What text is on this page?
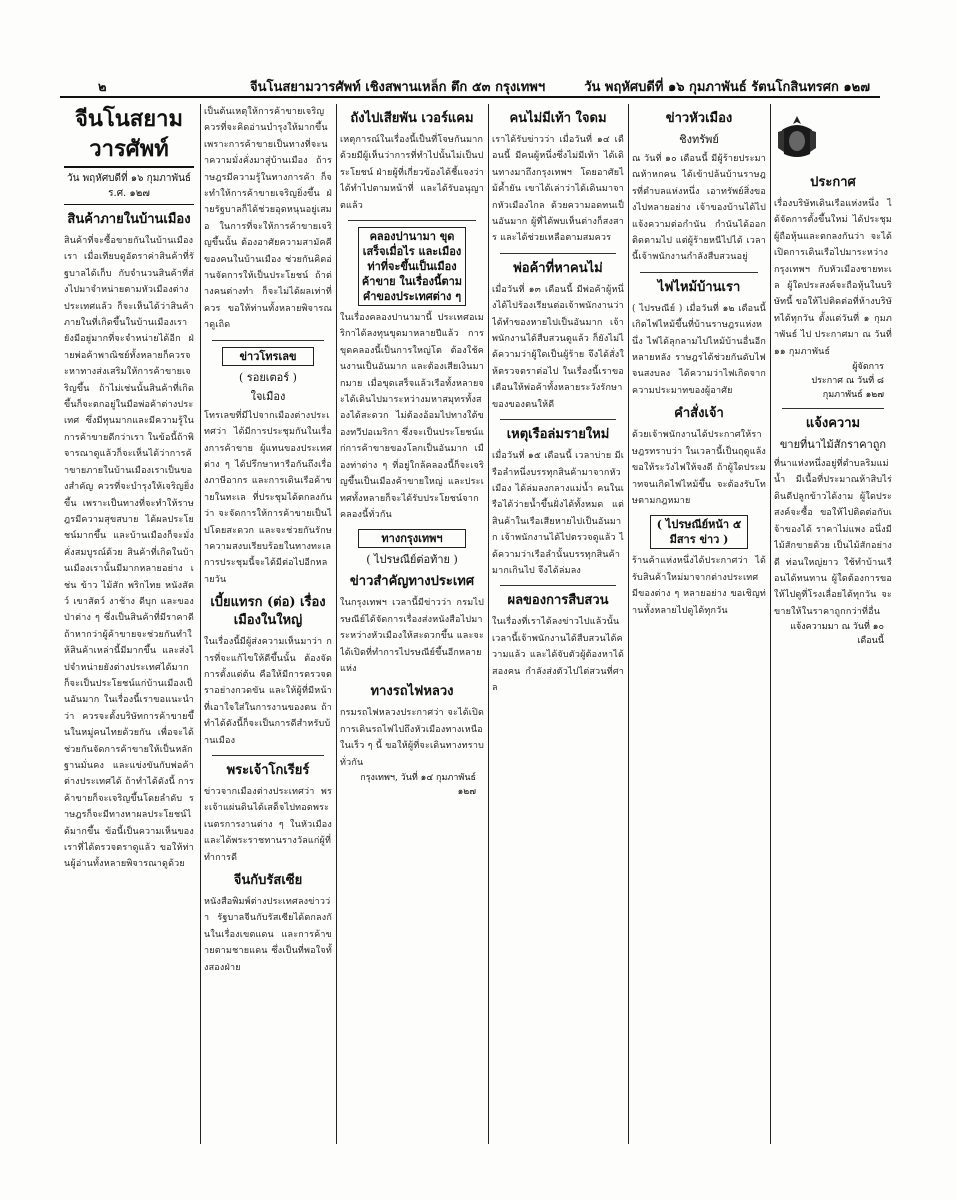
๒	จีนโนสยามวารศัพท์ เชิงสพานเหล็ก ตึก ๕๓ กรุงเทพฯ	วัน พฤหัศบดีที่ ๑๖ กุมภาพันธ์ รัตนโกสินทรศก ๑๒๗
จีนโนสยามวารศัพท์
วัน พฤหัศบดีที่ ๑๖ กุมภาพันธ์ ร.ศ. ๑๒๗
สินค้าภายในบ้านเมือง
สินค้าที่จะซื้อขายกันในบ้านเมืองเรา เมื่อเทียบดูอัตราค่าสินค้าที่รัฐบาลได้เก็บ กับจำนวนสินค้าที่ส่งไปมาจำหน่ายตามหัวเมืองต่างประเทศแล้ว ก็จะเห็นได้ว่าสินค้าภายในที่เกิดขึ้นในบ้านเมืองเรา ยังมีอยู่มากที่จะจำหน่ายได้อีก ฝ่ายพ่อค้าพาณิชย์ทั้งหลายก็ควรจะหาทางส่งเสริมให้การค้าขายเจริญขึ้น ถ้าไม่เช่นนั้นสินค้าที่เกิดขึ้นก็จะตกอยู่ในมือพ่อค้าต่างประเทศ ซึ่งมีทุนมากและมีความรู้ในการค้าขายดีกว่าเรา ในข้อนี้ถ้าพิจารณาดูแล้วก็จะเห็นได้ว่าการค้าขายภายในบ้านเมืองเราเป็นของสำคัญ ควรที่จะบำรุงให้เจริญยิ่งขึ้น เพราะเป็นทางที่จะทำให้ราษฎรมีความสุขสบาย ได้ผลประโยชน์มากขึ้น และบ้านเมืองก็จะมั่งคั่งสมบูรณ์ด้วย สินค้าที่เกิดในบ้านเมืองเรานั้นมีมากหลายอย่าง เช่น ข้าว ไม้สัก พริกไทย หนังสัตว์ เขาสัตว์ งาช้าง ดีบุก และของป่าต่าง ๆ ซึ่งเป็นสินค้าที่มีราคาดี ถ้าหากว่าผู้ค้าขายจะช่วยกันทำให้สินค้าเหล่านี้มีมากขึ้น และส่งไปจำหน่ายยังต่างประเทศได้มาก ก็จะเป็นประโยชน์แก่บ้านเมืองเป็นอันมาก ในเรื่องนี้เราขอแนะนำว่า ควรจะตั้งบริษัทการค้าขายขึ้นในหมู่คนไทยด้วยกัน เพื่อจะได้ช่วยกันจัดการค้าขายให้เป็นหลักฐานมั่นคง และแข่งขันกับพ่อค้าต่างประเทศได้ ถ้าทำได้ดังนี้ การค้าขายก็จะเจริญขึ้นโดยลำดับ ราษฎรก็จะมีทางหาผลประโยชน์ได้มากขึ้น ข้อนี้เป็นความเห็นของเราที่ได้ตรวจตราดูแล้ว ขอให้ท่านผู้อ่านทั้งหลายพิจารณาดูด้วย
เป็นต้นเหตุให้การค้าขายเจริญ ควรที่จะคิดอ่านบำรุงให้มากขึ้น เพราะการค้าขายเป็นทางที่จะนำความมั่งคั่งมาสู่บ้านเมือง ถ้าราษฎรมีความรู้ในทางการค้า ก็จะทำให้การค้าขายเจริญยิ่งขึ้น ฝ่ายรัฐบาลก็ได้ช่วยอุดหนุนอยู่เสมอ ในการที่จะให้การค้าขายเจริญขึ้นนั้น ต้องอาศัยความสามัคคีของคนในบ้านเมือง ช่วยกันคิดอ่านจัดการให้เป็นประโยชน์ ถ้าต่างคนต่างทำ ก็จะไม่ได้ผลเท่าที่ควร ขอให้ท่านทั้งหลายพิจารณาดูเถิด
ข่าวโทรเลข
( รอยเตอร์ )
ใจเมือง
โทรเลขที่มีไปจากเมืองต่างประเทศว่า ได้มีการประชุมกันในเรื่องการค้าขาย ผู้แทนของประเทศต่าง ๆ ได้ปรึกษาหารือกันถึงเรื่องภาษีอากร และการเดินเรือค้าขายในทะเล ที่ประชุมได้ตกลงกันว่า จะจัดการให้การค้าขายเป็นไปโดยสะดวก และจะช่วยกันรักษาความสงบเรียบร้อยในทางทะเล การประชุมนี้จะได้มีต่อไปอีกหลายวัน
เบี้ยแทรก (ต่อ) เรื่องเมืองในใหญ่
ในเรื่องนี้มีผู้ส่งความเห็นมาว่า การที่จะแก้ไขให้ดีขึ้นนั้น ต้องจัดการตั้งแต่ต้น คือให้มีการตรวจตราอย่างกวดขัน และให้ผู้ที่มีหน้าที่เอาใจใส่ในการงานของตน ถ้าทำได้ดังนี้ก็จะเป็นการดีสำหรับบ้านเมือง
พระเจ้าโกเรียร์
ข่าวจากเมืองต่างประเทศว่า พระเจ้าแผ่นดินได้เสด็จไปทอดพระเนตรการงานต่าง ๆ ในหัวเมือง และได้พระราชทานรางวัลแก่ผู้ที่ทำการดี
จีนกับรัสเซีย
หนังสือพิมพ์ต่างประเทศลงข่าวว่า รัฐบาลจีนกับรัสเซียได้ตกลงกันในเรื่องเขตแดน และการค้าขายตามชายแดน ซึ่งเป็นที่พอใจทั้งสองฝ่าย
ถังไปเสียพัน เวอร์แคม
เหตุการณ์ในเรื่องนี้เป็นที่โจษกันมาก ด้วยมีผู้เห็นว่าการที่ทำไปนั้นไม่เป็นประโยชน์ ฝ่ายผู้ที่เกี่ยวข้องได้ชี้แจงว่า ได้ทำไปตามหน้าที่ และได้รับอนุญาตแล้ว
คลองปานามา ขุดเสร็จเมื่อไร และเมืองท่าที่จะขึ้นเป็นเมืองค้าขาย ในเรื่องนี้ตามคำของประเทศต่าง ๆ
ในเรื่องคลองปานามานี้ ประเทศอเมริกาได้ลงทุนขุดมาหลายปีแล้ว การขุดคลองนี้เป็นการใหญ่โต ต้องใช้คนงานเป็นอันมาก และต้องเสียเงินมากมาย เมื่อขุดเสร็จแล้วเรือทั้งหลายจะได้เดินไปมาระหว่างมหาสมุทรทั้งสองได้สะดวก ไม่ต้องอ้อมไปทางใต้ของทวีปอเมริกา ซึ่งจะเป็นประโยชน์แก่การค้าขายของโลกเป็นอันมาก เมืองท่าต่าง ๆ ที่อยู่ใกล้คลองนี้ก็จะเจริญขึ้นเป็นเมืองค้าขายใหญ่ และประเทศทั้งหลายก็จะได้รับประโยชน์จากคลองนี้ทั่วกัน
ทางกรุงเทพฯ
( ไปรษณีย์ต่อท้าย )
ข่าวสำคัญทางประเทศ
ในกรุงเทพฯ เวลานี้มีข่าวว่า กรมไปรษณีย์ได้จัดการเรื่องส่งหนังสือไปมาระหว่างหัวเมืองให้สะดวกขึ้น และจะได้เปิดที่ทำการไปรษณีย์ขึ้นอีกหลายแห่ง
ทางรถไฟหลวง
กรมรถไฟหลวงประกาศว่า จะได้เปิดการเดินรถไฟไปถึงหัวเมืองทางเหนือในเร็ว ๆ นี้ ขอให้ผู้ที่จะเดินทางทราบทั่วกัน
กรุงเทพฯ, วันที่ ๑๔ กุมภาพันธ์ ๑๒๗
คนไม่มีเท้า ใจดม
เราได้รับข่าวว่า เมื่อวันที่ ๑๔ เดือนนี้ มีคนผู้หนึ่งซึ่งไม่มีเท้า ได้เดินทางมาถึงกรุงเทพฯ โดยอาศัยไม้ค้ำยัน เขาได้เล่าว่าได้เดินมาจากหัวเมืองไกล ด้วยความอดทนเป็นอันมาก ผู้ที่ได้พบเห็นต่างก็สงสาร และได้ช่วยเหลือตามสมควร
พ่อค้าที่หาคนไม่
เมื่อวันที่ ๑๓ เดือนนี้ มีพ่อค้าผู้หนึ่งได้ไปร้องเรียนต่อเจ้าพนักงานว่า ได้ทำของหายไปเป็นอันมาก เจ้าพนักงานได้สืบสวนดูแล้ว ก็ยังไม่ได้ความว่าผู้ใดเป็นผู้ร้าย จึงได้สั่งให้ตรวจตราต่อไป ในเรื่องนี้เราขอเตือนให้พ่อค้าทั้งหลายระวังรักษาของของตนให้ดี
เหตุเรือล่มรายใหม่
เมื่อวันที่ ๑๕ เดือนนี้ เวลาบ่าย มีเรือลำหนึ่งบรรทุกสินค้ามาจากหัวเมือง ได้ล่มลงกลางแม่น้ำ คนในเรือได้ว่ายน้ำขึ้นฝั่งได้ทั้งหมด แต่สินค้าในเรือเสียหายไปเป็นอันมาก เจ้าพนักงานได้ไปตรวจดูแล้ว ได้ความว่าเรือลำนั้นบรรทุกสินค้ามากเกินไป จึงได้ล่มลง
ผลของการสืบสวน
ในเรื่องที่เราได้ลงข่าวไปแล้วนั้น เวลานี้เจ้าพนักงานได้สืบสวนได้ความแล้ว และได้จับตัวผู้ต้องหาได้สองคน กำลังส่งตัวไปไต่สวนที่ศาล
ข่าวหัวเมือง
ชิงทรัพย์
ณ วันที่ ๑๐ เดือนนี้ มีผู้ร้ายประมาณห้าหกคน ได้เข้าปล้นบ้านราษฎรที่ตำบลแห่งหนึ่ง เอาทรัพย์สิ่งของไปหลายอย่าง เจ้าของบ้านได้ไปแจ้งความต่อกำนัน กำนันได้ออกติดตามไป แต่ผู้ร้ายหนีไปได้ เวลานี้เจ้าพนักงานกำลังสืบสวนอยู่
ไฟไหม้บ้านเรา
( ไปรษณีย์ ) เมื่อวันที่ ๑๒ เดือนนี้ เกิดไฟไหม้ขึ้นที่บ้านราษฎรแห่งหนึ่ง ไฟได้ลุกลามไปไหม้บ้านอื่นอีกหลายหลัง ราษฎรได้ช่วยกันดับไฟจนสงบลง ได้ความว่าไฟเกิดจากความประมาทของผู้อาศัย
คำสั่งเจ้า
ด้วยเจ้าพนักงานได้ประกาศให้ราษฎรทราบว่า ในเวลานี้เป็นฤดูแล้ง ขอให้ระวังไฟให้จงดี ถ้าผู้ใดประมาทจนเกิดไฟไหม้ขึ้น จะต้องรับโทษตามกฎหมาย
( ไปรษณีย์หน้า ๕ มีสาร ข่าว )
ร้านค้าแห่งหนึ่งได้ประกาศว่า ได้รับสินค้าใหม่มาจากต่างประเทศ มีของต่าง ๆ หลายอย่าง ขอเชิญท่านทั้งหลายไปดูได้ทุกวัน
ประกาศ
เรื่องบริษัทเดินเรือแห่งหนึ่ง ได้จัดการตั้งขึ้นใหม่ ได้ประชุมผู้ถือหุ้นและตกลงกันว่า จะได้เปิดการเดินเรือไปมาระหว่างกรุงเทพฯ กับหัวเมืองชายทะเล ผู้ใดประสงค์จะถือหุ้นในบริษัทนี้ ขอให้ไปติดต่อที่ห้างบริษัทได้ทุกวัน ตั้งแต่วันที่ ๑ กุมภาพันธ์ ไป ประกาศมา ณ วันที่ ๑๑ กุมภาพันธ์
ผู้จัดการ
ประกาศ ณ วันที่ ๘ กุมภาพันธ์ ๑๒๗
แจ้งความ
ขายที่นาไม้สักราคาถูก
ที่นาแห่งหนึ่งอยู่ที่ตำบลริมแม่น้ำ มีเนื้อที่ประมาณห้าสิบไร่ ดินดีปลูกข้าวได้งาม ผู้ใดประสงค์จะซื้อ ขอให้ไปติดต่อกับเจ้าของได้ ราคาไม่แพง อนึ่งมีไม้สักขายด้วย เป็นไม้สักอย่างดี ท่อนใหญ่ยาว ใช้ทำบ้านเรือนได้ทนทาน ผู้ใดต้องการขอให้ไปดูที่โรงเลื่อยได้ทุกวัน จะขายให้ในราคาถูกกว่าที่อื่น
แจ้งความมา ณ วันที่ ๑๐ เดือนนี้
